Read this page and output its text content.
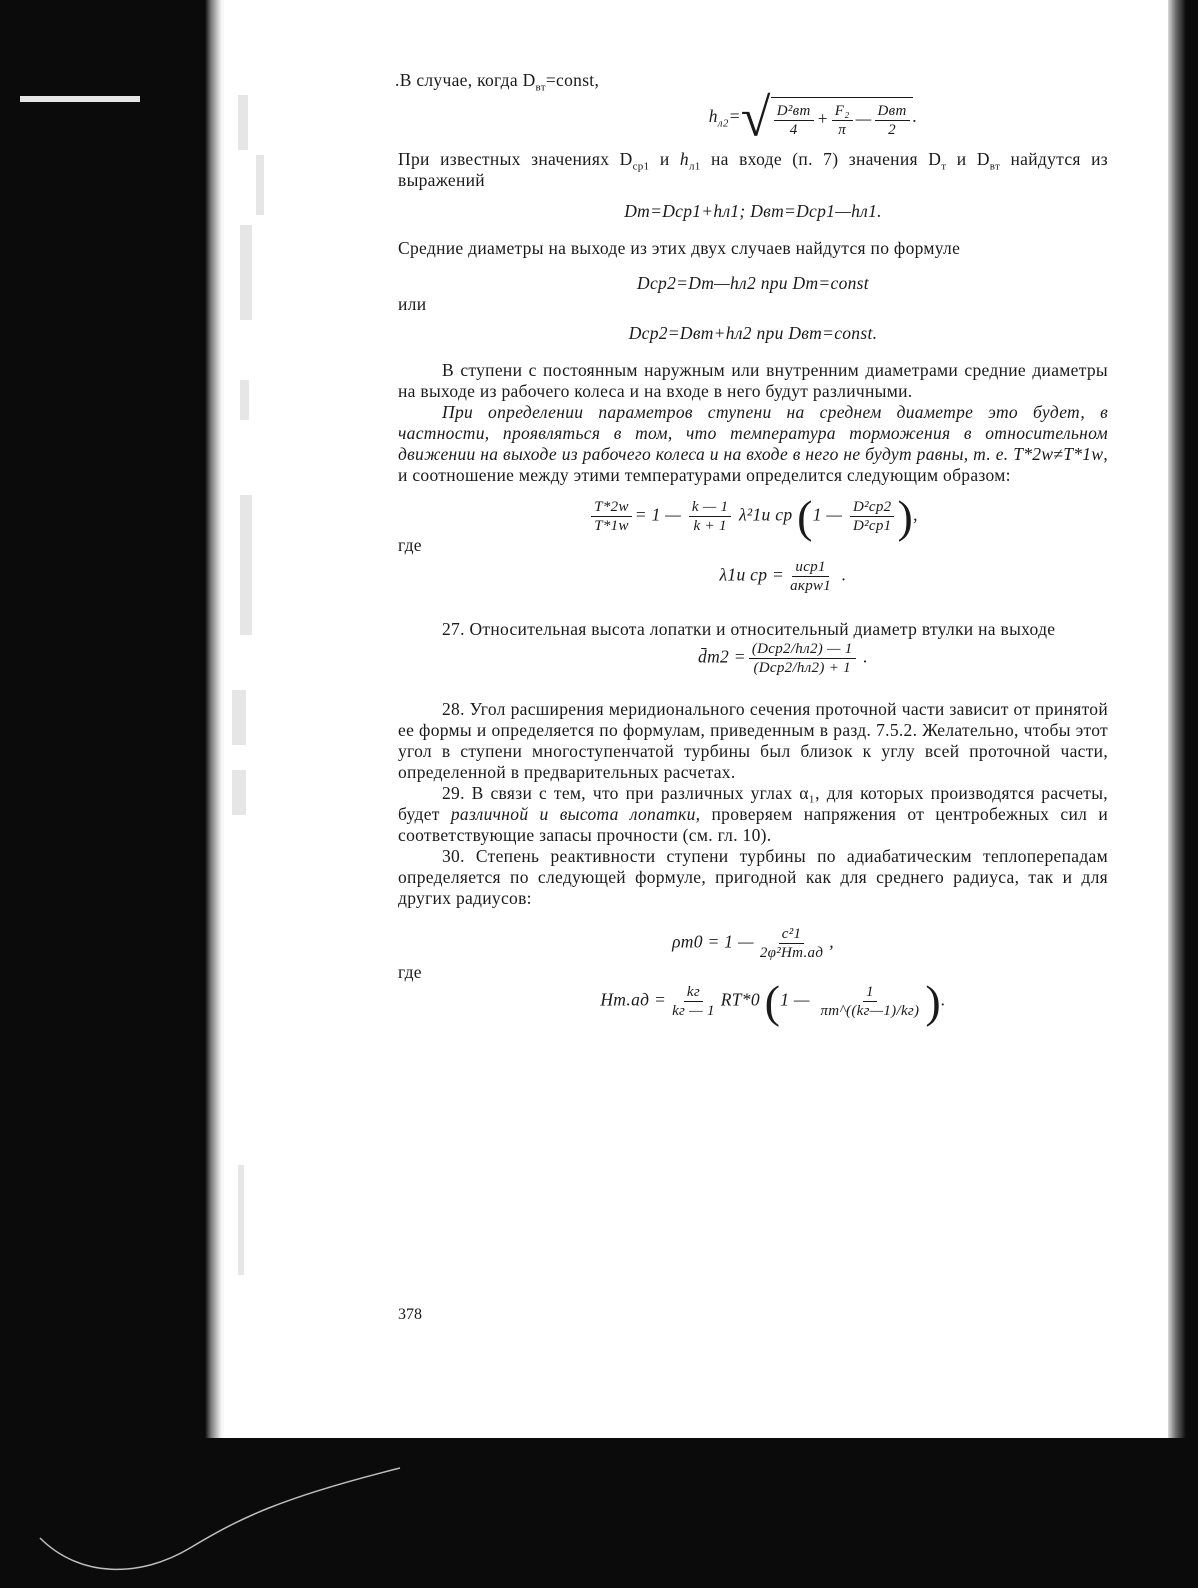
.В случае, когда $D_{вт}=const$,

$h_{л2}=√ \frac{\text{D²вт}}{4} + \frac{\text{F₂}}{\pi}$ — $\frac{\text{Dвт}}{2}$ .

При известных значениях $D_{ср1}$ и $h_{л1}$ на входе (п. 7) значения $D_т$ и $D_{вт}$ найдутся из выражений

Dт=Dср1+hл1; Dвт=Dср1—hл1.

Средние диаметры на выходе из этих двух случаев найдутся по формуле

Dср2=Dт—hл2 при Dт=const

или

Dср2=Dвт+hл2 при Dвт=const.

В ступени с постоянным наружным или внутренним диаметрами средние диаметры на выходе из рабочего колеса и на входе в него будут различными.

При определении параметров ступени на среднем диаметре это будет, в частности, проявляться в том, что температура торможения в относительном движении на выходе из рабочего колеса и на входе в него не будут равны, т. е. T*2w≠T*1w, и соотношение между этими температурами определится следующим образом:

$\frac{T*2w}{T*1w} = 1$ — $\frac{k — 1}{k + 1} \lambda^21u$ ср (1 — $\frac{\text{D²ср2}}{\text{D²ср1}}$ ),

где

λ1u ср = $\frac{\text{uср1}}{\text{aкрw1}}$ .

27. Относительная высота лопатки и относительный диаметр втулки на выходе

d̄т2 = $\frac{\text{(Dср2/hл2) — 1}}{\text{(Dср2/hл2) + 1}}$ .

28. Угол расширения меридионального сечения проточной части зависит от принятой ее формы и определяется по формулам, приведенным в разд. 7.5.2. Желательно, чтобы этот угол в ступени многоступенчатой турбины был близок к углу всей проточной части, определенной в предварительных расчетах.

29. В связи с тем, что при различных углах α₁, для которых производятся расчеты, будет различной и высота лопатки, проверяем напряжения от центробежных сил и соответствующие запасы прочности (см. гл. 10).

30. Степень реактивности ступени турбины по адиабатическим теплоперепадам определяется по следующей формуле, пригодной как для среднего радиуса, так и для других радиусов:

ρт0 = 1 — $\frac{\text{c²1}}{\text{2φ²Hт.ад}}$ ,

где

$Hт.ад = \frac{kг}{kг — 1} RT*0$ (1 — $\frac{1}{\pi т\^{}((kг—1)/kг)}$ ).

378
